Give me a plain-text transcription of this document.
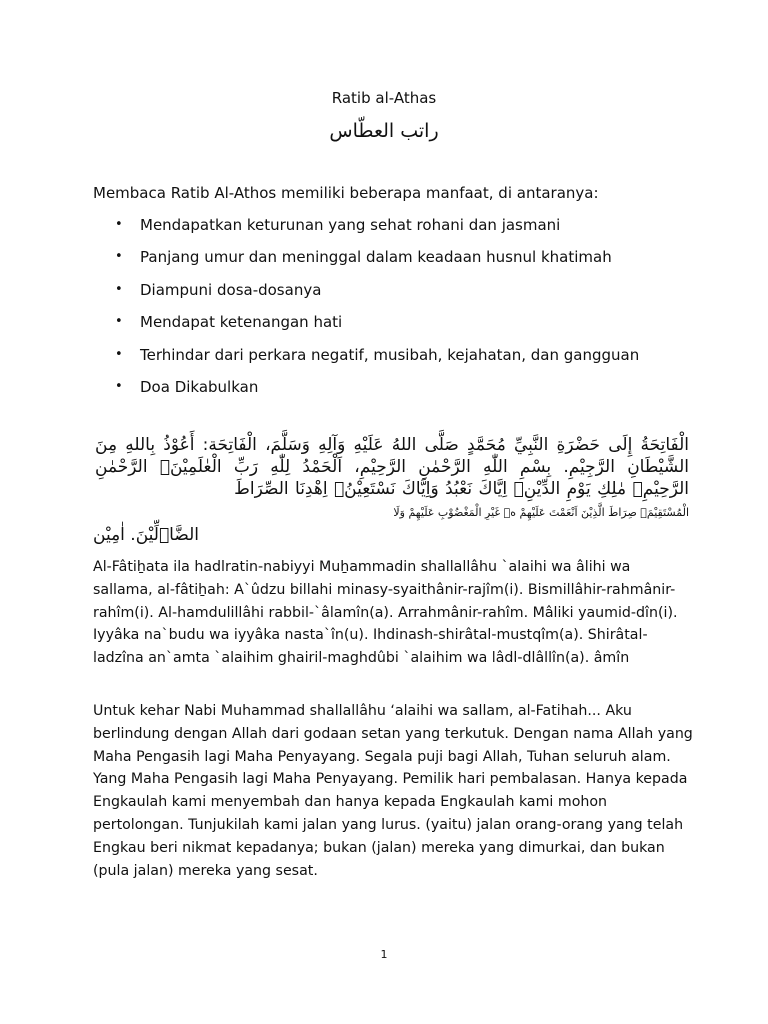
Ratib al-Athas
راتب العطّاس
Membaca Ratib Al-Athos memiliki beberapa manfaat, di antaranya:
• Mendapatkan keturunan yang sehat rohani dan jasmani
• Panjang umur dan meninggal dalam keadaan husnul khatimah
• Diampuni dosa-dosanya
• Mendapat ketenangan hati
• Terhindar dari perkara negatif, musibah, kejahatan, dan gangguan
• Doa Dikabulkan
الْفَاتِحَةُ إِلَى حَضْرَةِ النَّبِيِّ مُحَمَّدٍ صَلَّى اللهُ عَلَيْهِ وَآلِهِ وَسَلَّمَ، الْفَاتِحَة: أَعُوْذُ بِاللهِ مِنَ الشَّيْطَانِ الرَّجِيْمِ. بِسْمِ اللّٰهِ الرَّحْمٰنِ الرَّحِيْمِ، اَلْحَمْدُ لِلّٰهِ رَبِّ الْعٰلَمِيْنَۙ الرَّحْمٰنِ الرَّحِيْمِۙ مٰلِكِ يَوْمِ الدِّيْنِۗ اِيَّاكَ نَعْبُدُ وَاِيَّاكَ نَسْتَعِيْنُۗ اِهْدِنَا الصِّرَاطَ
الْمُسْتَقِيْمَۙ صِرَاطَ الَّذِيْنَ اَنْعَمْتَ عَلَيْهِمْ ەۙ غَيْرِ الْمَغْضُوْبِ عَلَيْهِمْ وَلَا
الضَّاۤلِّيْنَ. اٰمِيْن
Al-Fâtiẖata ila hadlratin-nabiyyi Muẖammadin shallallâhu `alaihi wa âlihi wa sallama, al-fâtiẖah: A`ûdzu billahi minasy-syaithânir-rajîm(i). Bismillâhir-rahmânir-rahîm(i). Al-hamdulillâhi rabbil-`âlamîn(a). Arrahmânir-rahîm. Mâliki yaumid-dîn(i). Iyyâka na`budu wa iyyâka nasta`în(u). Ihdinash-shirâtal-mustqîm(a). Shirâtal-ladzîna an`amta `alaihim ghairil-maghdûbi `alaihim wa lâdl-dlâllîn(a). âmîn
Untuk kehar Nabi Muhammad shallallâhu ‘alaihi wa sallam, al-Fatihah... Aku berlindung dengan Allah dari godaan setan yang terkutuk. Dengan nama Allah yang Maha Pengasih lagi Maha Penyayang. Segala puji bagi Allah, Tuhan seluruh alam. Yang Maha Pengasih lagi Maha Penyayang. Pemilik hari pembalasan. Hanya kepada Engkaulah kami menyembah dan hanya kepada Engkaulah kami mohon pertolongan. Tunjukilah kami jalan yang lurus. (yaitu) jalan orang-orang yang telah Engkau beri nikmat kepadanya; bukan (jalan) mereka yang dimurkai, dan bukan (pula jalan) mereka yang sesat.
1
